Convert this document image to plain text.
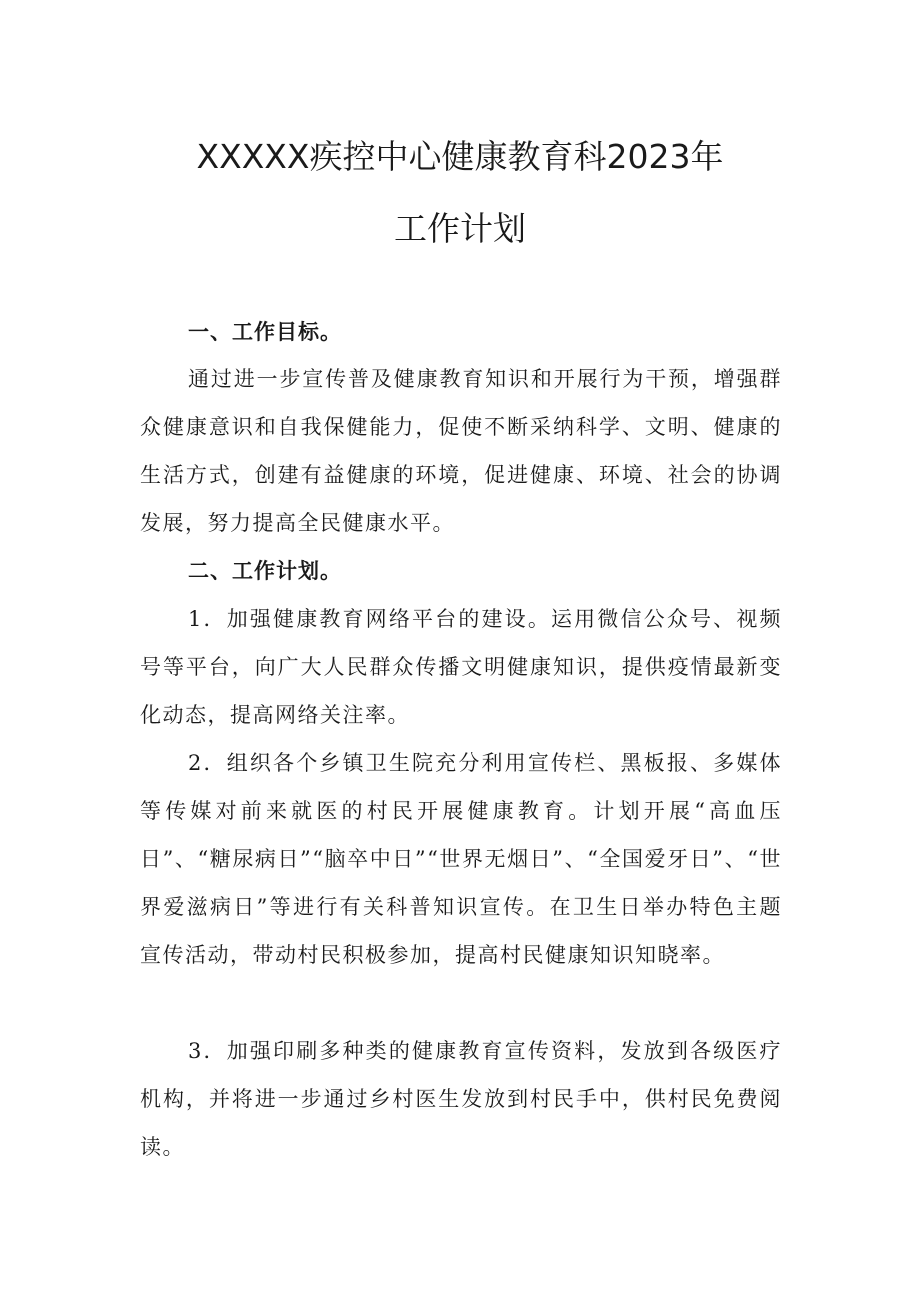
XXXXX疾控中心健康教育科2023年
工作计划
一、工作目标。

通过进一步宣传普及健康教育知识和开展行为干预，增强群众健康意识和自我保健能力，促使不断采纳科学、文明、健康的生活方式，创建有益健康的环境，促进健康、环境、社会的协调发展，努力提高全民健康水平。

二、工作计划。

1．加强健康教育网络平台的建设。运用微信公众号、视频号等平台，向广大人民群众传播文明健康知识，提供疫情最新变化动态，提高网络关注率。

2．组织各个乡镇卫生院充分利用宣传栏、黑板报、多媒体等传媒对前来就医的村民开展健康教育。计划开展“高血压日”、“糖尿病日”“脑卒中日”“世界无烟日”、“全国爱牙日”、“世界爱滋病日”等进行有关科普知识宣传。在卫生日举办特色主题宣传活动，带动村民积极参加，提高村民健康知识知晓率。

3．加强印刷多种类的健康教育宣传资料，发放到各级医疗机构，并将进一步通过乡村医生发放到村民手中，供村民免费阅读。
